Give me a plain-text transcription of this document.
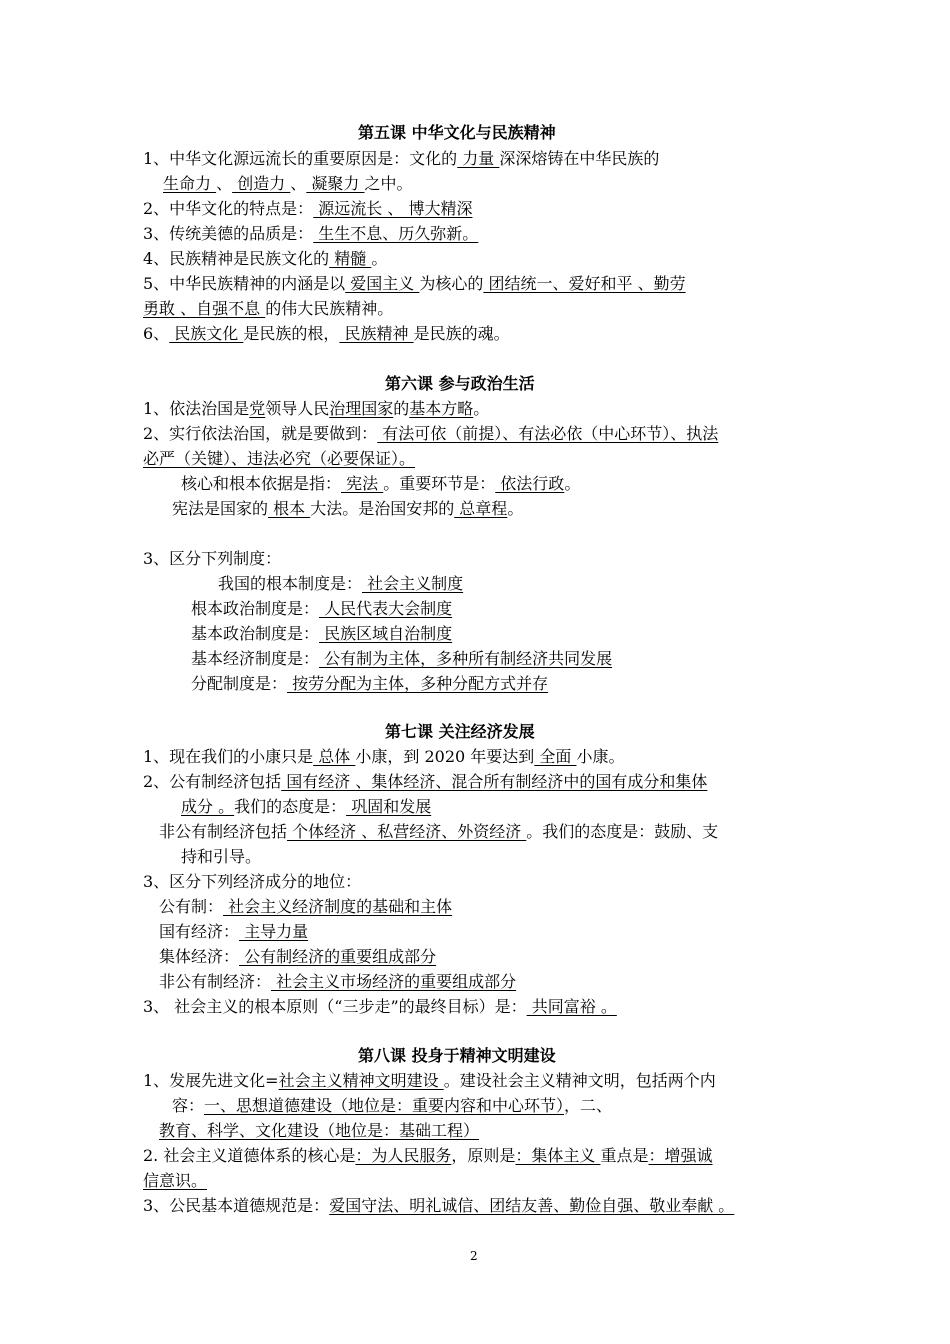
第五课 中华文化与民族精神
1、中华文化源远流长的重要原因是：文化的 力量 深深熔铸在中华民族的
生命力 、 创造力 、 凝聚力 之中。
2、中华文化的特点是： 源远流长 、 博大精深
3、传统美德的品质是： 生生不息、历久弥新。
4、民族精神是民族文化的 精髓 。
5、中华民族精神的内涵是以 爱国主义 为核心的 团结统一、爱好和平 、勤劳
勇敢 、自强不息 的伟大民族精神。
6、 民族文化 是民族的根， 民族精神 是民族的魂。
第六课 参与政治生活
1、依法治国是党领导人民治理国家的基本方略。
2、实行依法治国，就是要做到： 有法可依（前提）、有法必依（中心环节）、执法
必严（关键）、违法必究（必要保证）。
核心和根本依据是指： 宪法 。重要环节是： 依法行政。
宪法是国家的 根本 大法。是治国安邦的 总章程。
3、区分下列制度：
我国的根本制度是： 社会主义制度
根本政治制度是： 人民代表大会制度
基本政治制度是： 民族区域自治制度
基本经济制度是： 公有制为主体，多种所有制经济共同发展
分配制度是： 按劳分配为主体，多种分配方式并存
第七课 关注经济发展
1、现在我们的小康只是 总体 小康，到 2020 年要达到 全面 小康。
2、公有制经济包括 国有经济 、集体经济、混合所有制经济中的国有成分和集体
成分 。我们的态度是： 巩固和发展
非公有制经济包括 个体经济 、私营经济、外资经济 。我们的态度是：鼓励、支
持和引导。
3、区分下列经济成分的地位：
公有制： 社会主义经济制度的基础和主体
国有经济： 主导力量
集体经济： 公有制经济的重要组成部分
非公有制经济： 社会主义市场经济的重要组成部分
3、 社会主义的根本原则（“三步走”的最终目标）是： 共同富裕 。
第八课 投身于精神文明建设
1、发展先进文化=社会主义精神文明建设 。建设社会主义精神文明，包括两个内
容：一、思想道德建设（地位是：重要内容和中心环节），二、
教育、科学、文化建设（地位是：基础工程）
2. 社会主义道德体系的核心是：为人民服务，原则是：集体主义 重点是：增强诚
信意识。
3、公民基本道德规范是：爱国守法、明礼诚信、团结友善、勤俭自强、敬业奉献 。
2
